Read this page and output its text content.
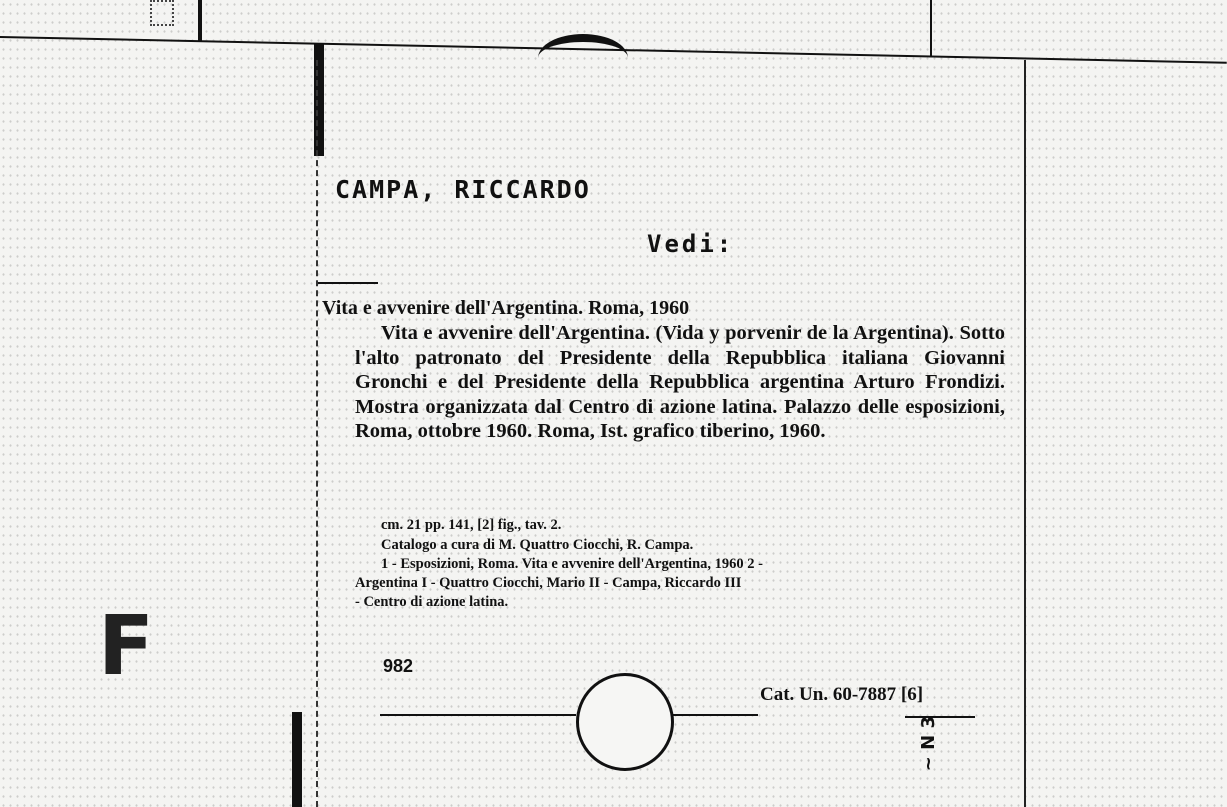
F
CAMPA, RICCARDO
Vedi:
Vita e avvenire dell'Argentina. Roma, 1960
Vita e avvenire dell'Argentina. (Vida y porvenir de la Argentina). Sotto l'alto patronato del Presidente della Repubblica italiana Giovanni Gronchi e del Presidente della Repubblica argentina Arturo Frondizi. Mostra organizzata dal Centro di azione latina. Palazzo delle esposizioni, Roma, ottobre 1960. Roma, Ist. grafico tiberino, 1960.
cm. 21 pp. 141, [2] fig., tav. 2.
Catalogo a cura di M. Quattro Ciocchi, R. Campa.
1 - Esposizioni, Roma. Vita e avvenire dell'Argentina, 1960 2 -
Argentina I - Quattro Ciocchi, Mario II - Campa, Riccardo III
- Centro di azione latina.
982
Cat. Un. 60-7887 [6]
~ N 3
